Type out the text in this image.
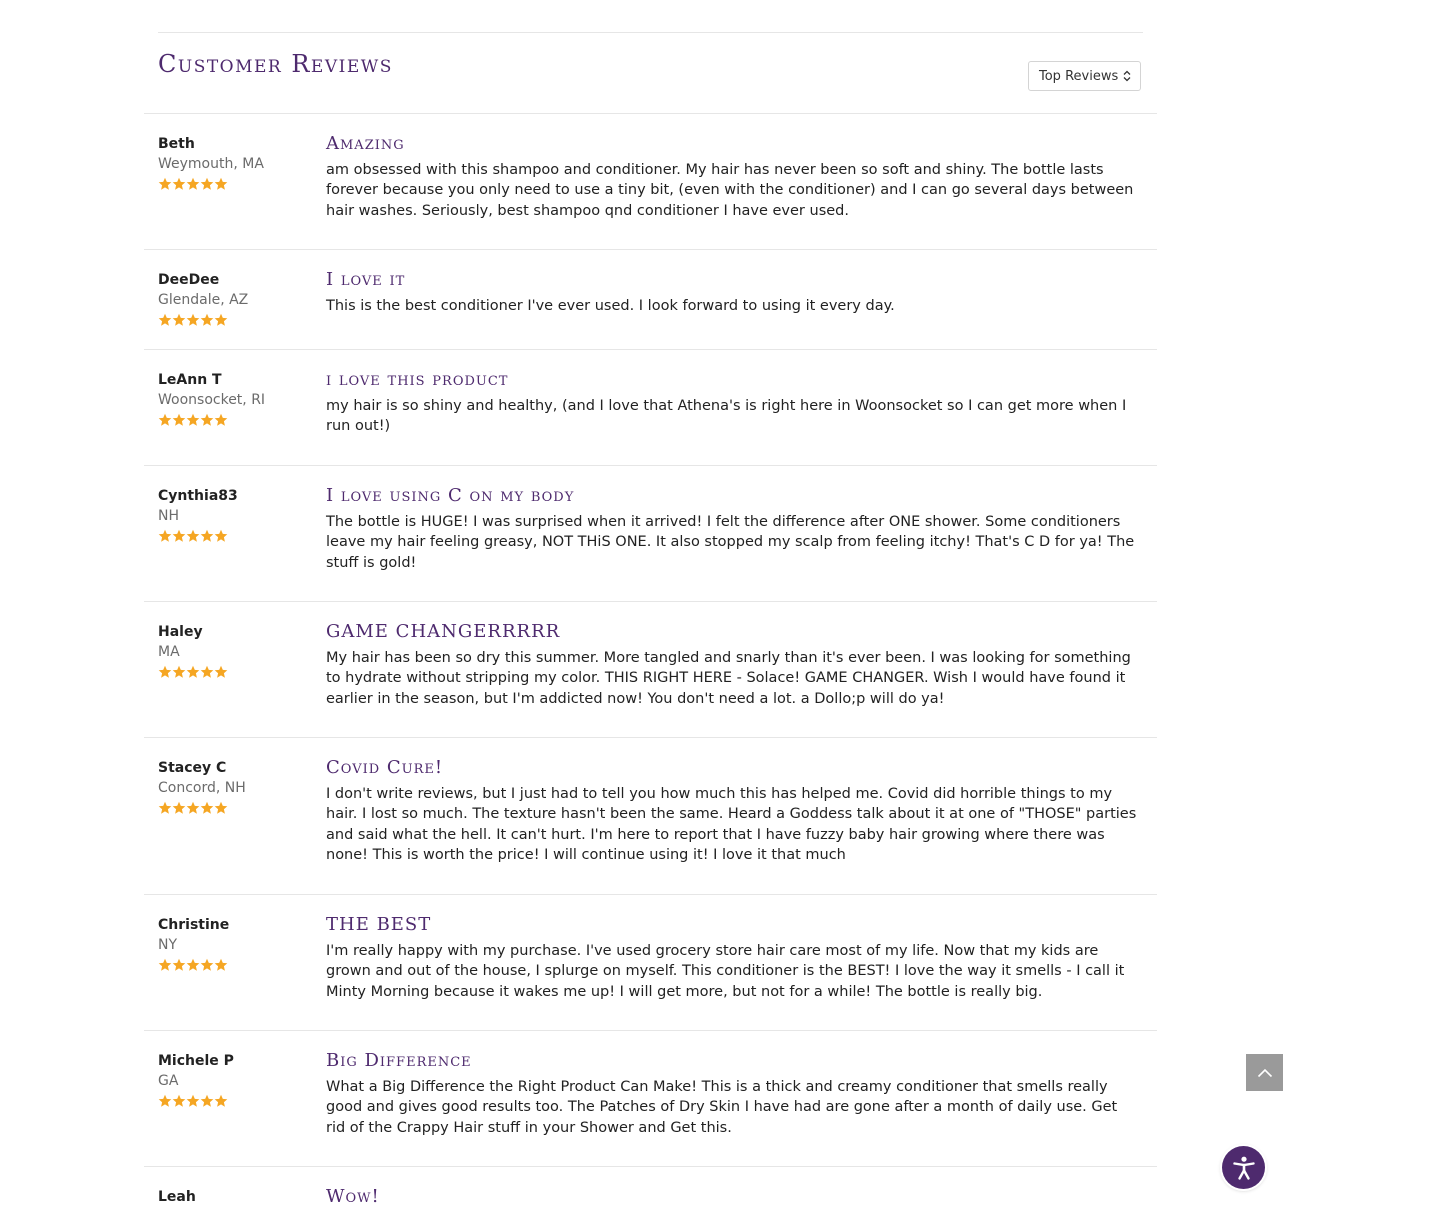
Customer Reviews	Top Reviews
Beth
Weymouth, MA
Amazing

am obsessed with this shampoo and conditioner. My hair has never been so soft and shiny. The bottle lasts forever because you only need to use a tiny bit, (even with the conditioner) and I can go several days between hair washes. Seriously, best shampoo qnd conditioner I have ever used.

DeeDee
Glendale, AZ
I love it

This is the best conditioner I've ever used. I look forward to using it every day.

LeAnn T
Woonsocket, RI
i love this product

my hair is so shiny and healthy, (and I love that Athena's is right here in Woonsocket so I can get more when I run out!)

Cynthia83
NH
I love using C on my body

The bottle is HUGE! I was surprised when it arrived! I felt the difference after ONE shower. Some conditioners leave my hair feeling greasy, NOT THiS ONE. It also stopped my scalp from feeling itchy! That's C D for ya! The stuff is gold!

Haley
MA
GAME CHANGERRRRR

My hair has been so dry this summer. More tangled and snarly than it's ever been. I was looking for something to hydrate without stripping my color. THIS RIGHT HERE - Solace! GAME CHANGER. Wish I would have found it earlier in the season, but I'm addicted now! You don't need a lot. a Dollo;p will do ya!

Stacey C
Concord, NH
Covid Cure!

I don't write reviews, but I just had to tell you how much this has helped me. Covid did horrible things to my hair. I lost so much. The texture hasn't been the same. Heard a Goddess talk about it at one of "THOSE" parties and said what the hell. It can't hurt. I'm here to report that I have fuzzy baby hair growing where there was none! This is worth the price! I will continue using it! I love it that much

Christine
NY
THE BEST

I'm really happy with my purchase. I've used grocery store hair care most of my life. Now that my kids are grown and out of the house, I splurge on myself. This conditioner is the BEST! I love the way it smells - I call it Minty Morning because it wakes me up! I will get more, but not for a while! The bottle is really big.

Michele P
GA
Big Difference

What a Big Difference the Right Product Can Make! This is a thick and creamy conditioner that smells really good and gives good results too. The Patches of Dry Skin I have had are gone after a month of daily use. Get rid of the Crappy Hair stuff in your Shower and Get this.

Leah	Wow!
